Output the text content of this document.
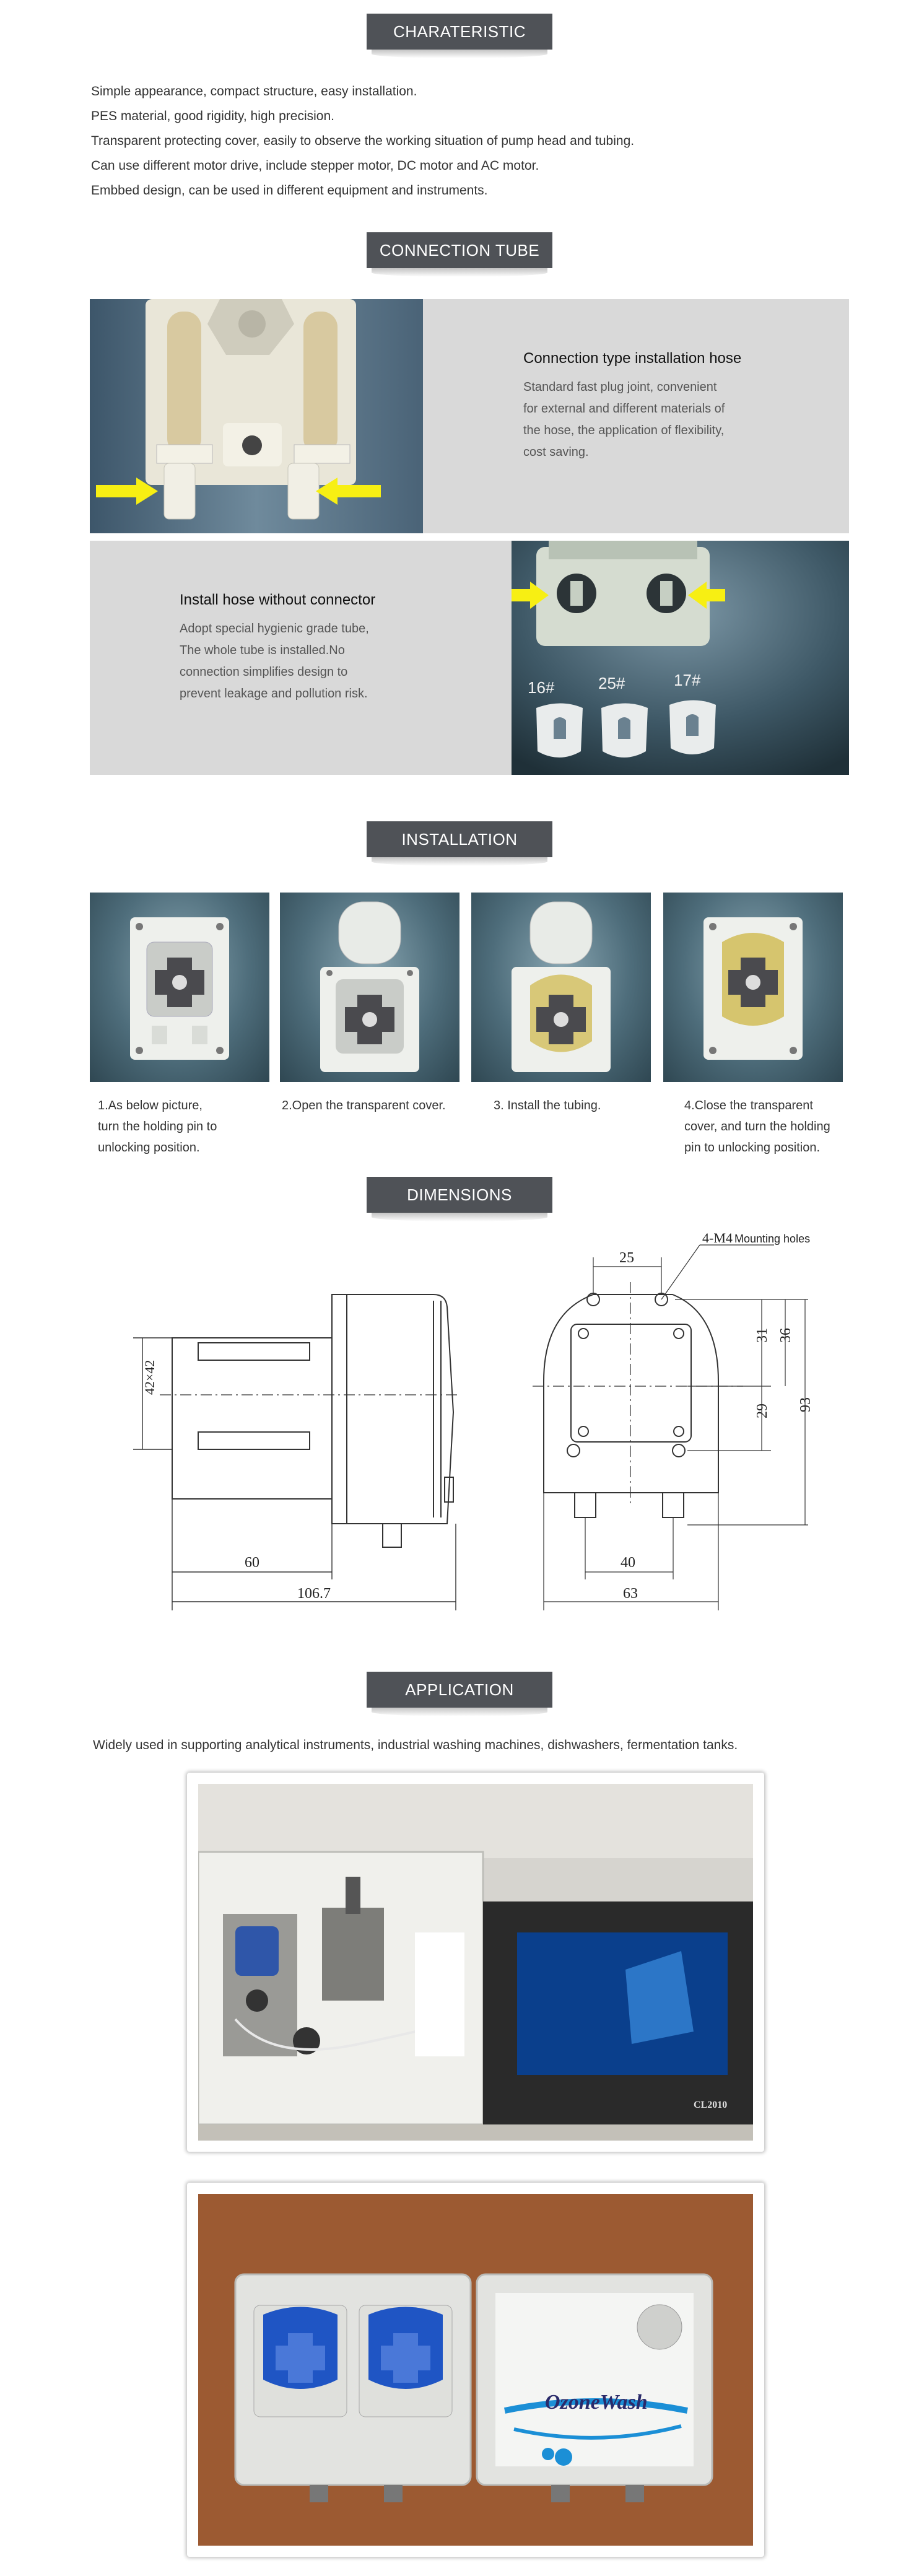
CHARATERISTIC

Simple appearance, compact structure, easy installation.

PES material, good rigidity, high precision.

Transparent protecting cover, easily to observe the working situation of pump head and tubing.

Can use different motor drive, include stepper motor, DC motor and AC motor.

Embbed design, can be used in different equipment and instruments.

CONNECTION TUBE
Connection type installation hose
Standard fast plug joint, convenient
for external and different materials of
the hose, the application of flexibility,
cost saving.
Install hose without connector
Adopt special hygienic grade tube,
The whole tube is installed.No
connection simplifies design to
prevent leakage and pollution risk.	16#	25#	17#
INSTALLATION
1.As below picture,
turn the holding pin to
unlocking position.
2.Open the transparent cover.	3. Install the tubing.	4.Close the transparent
cover, and turn the holding
pin to unlocking position.
DIMENSIONS
42×42
60
106.7
25
4-M4 Mounting holes
31 36
29 93
40
63
APPLICATION
Widely used in supporting analytical instruments, industrial washing machines, dishwashers, fermentation tanks.
CL2010
OzoneWash
